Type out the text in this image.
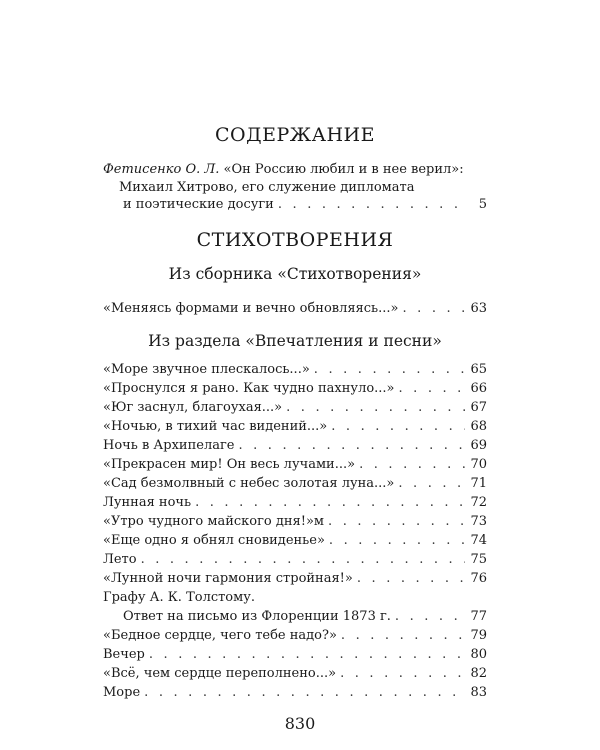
СОДЕРЖАНИЕ
Фетисенко О. Л. «Он Россию любил и в нее верил»:
Михаил Хитрово, его служение дипломата
и поэтические досуги . . .	5
СТИХОТВОРЕНИЯ
Из сборника «Стихотворения»
«Меняясь формами и вечно обновляясь...» . . .	63
Из раздела «Впечатления и песни»
«Море звучное плескалось...» . . .	65
«Проснулся я рано. Как чудно пахнуло...» . . .	66
«Юг заснул, благоухая...» . . .	67
«Ночью, в тихий час видений...» . . .	68
Ночь в Архипелаге . . .	69
«Прекрасен мир! Он весь лучами...» . . .	70
«Сад безмолвный с небес золотая луна...» . . .	71
Лунная ночь . . .	72
«Утро чудного майского дня!»м . . .	73
«Еще одно я обнял сновиденье» . . .	74
Лето . . .	75
«Лунной ночи гармония стройная!» . . .	76
Графу А. К. Толстому.
Ответ на письмо из Флоренции 1873 г. . . .	77
«Бедное сердце, чего тебе надо?» . . .	79
Вечер . . .	80
«Всё, чем сердце переполнено...» . . .	82
Море . . .	83
830
